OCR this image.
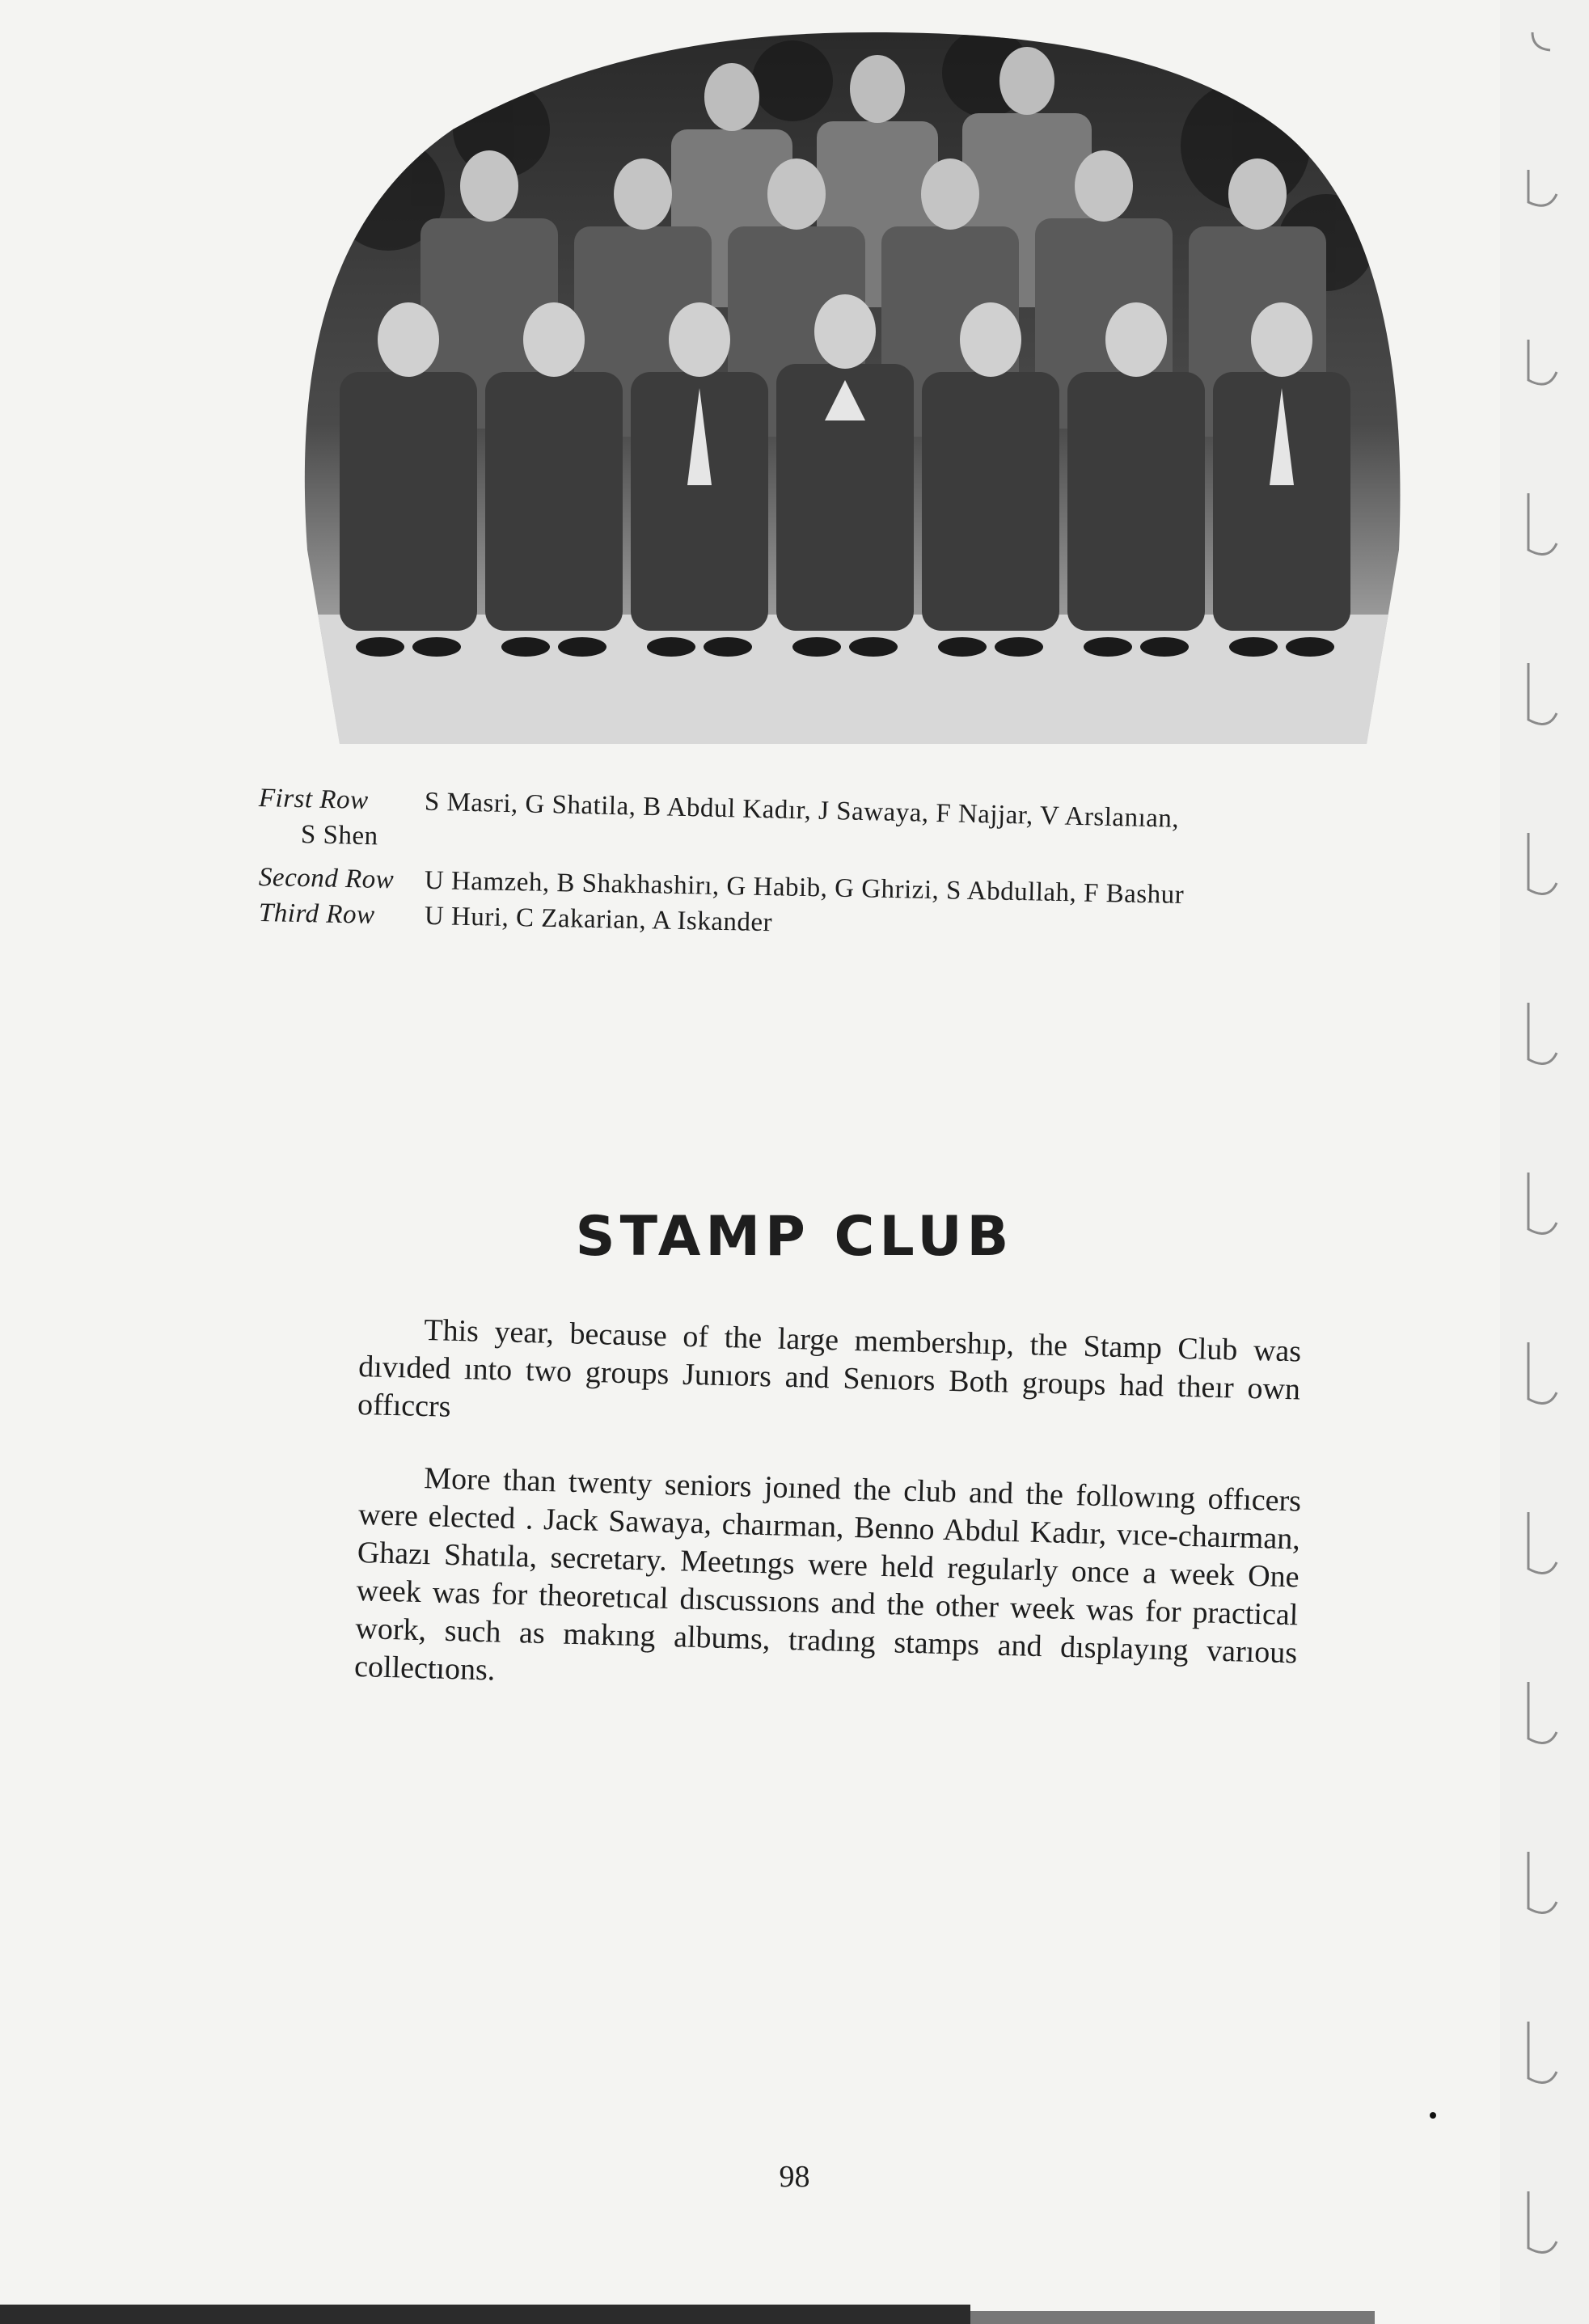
First Row S Masri, G Shatila, B Abdul Kadır, J Sawaya, F Najjar, V Arslanıan,
S Shen
Second Row U Hamzeh, B Shakhashirı, G Habib, G Ghrizi, S Abdullah, F Bashur
Third Row U Huri, C Zakarian, A Iskander
STAMP CLUB

This year, because of the large membershıp, the Stamp Club was dıvıded ınto two groups Junıors and Senıors Both groups had theır own offıccrs

More than twenty seniors joıned the club and the followıng offıcers were elected . Jack Sawaya, chaırman, Benno Abdul Kadır, vıce-chaırman, Ghazı Shatıla, secretary. Meetıngs were held regularly once a week One week was for theoretıcal dıscussıons and the other week was for practical work, such as makıng albums, tradıng stamps and dısplayıng varıous collectıons.

98
